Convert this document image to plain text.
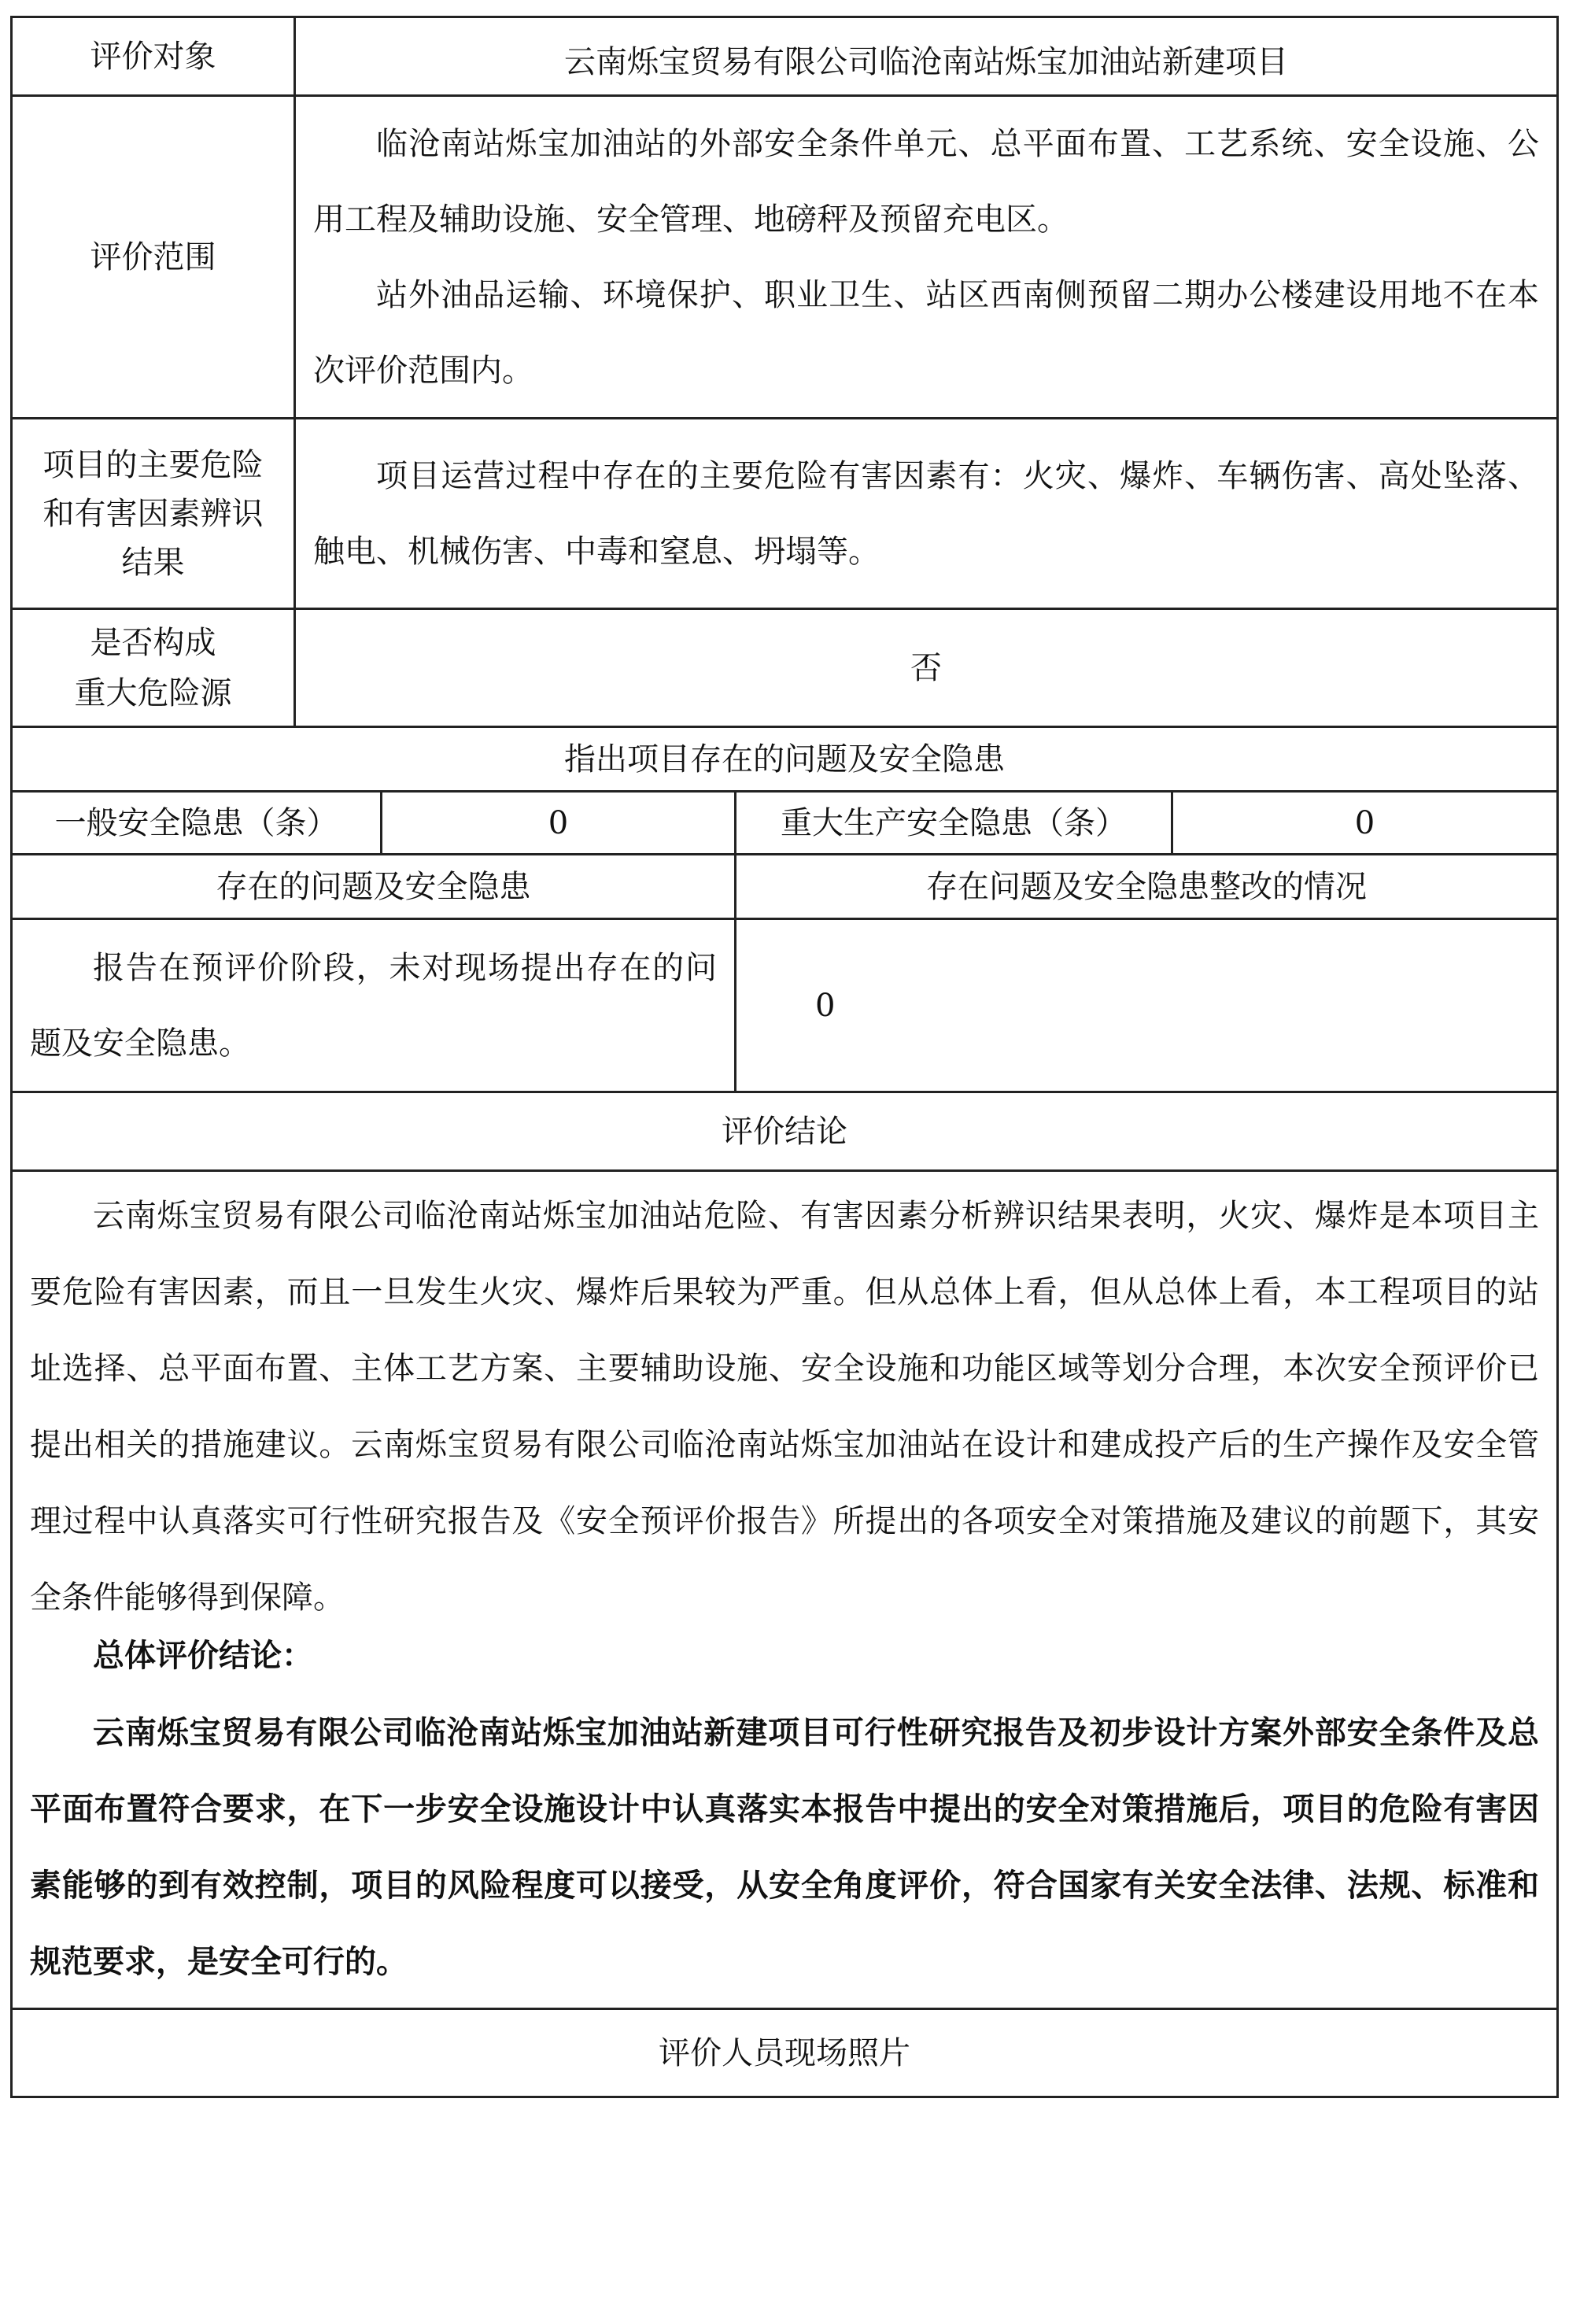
评价对象	云南烁宝贸易有限公司临沧南站烁宝加油站新建项目			
评价范围	临沧南站烁宝加油站的外部安全条件单元、总平面布置、工艺系统、安全设施、公用工程及辅助设施、安全管理、地磅秤及预留充电区。

站外油品运输、环境保护、职业卫生、站区西南侧预留二期办公楼建设用地不在本次评价范围内。			

项目的主要危险
和有害因素辨识
结果	项目运营过程中存在的主要危险有害因素有：火灾、爆炸、车辆伤害、高处坠落、触电、机械伤害、中毒和窒息、坍塌等。			

是否构成
重大危险源	否			
指出项目存在的问题及安全隐患				
一般安全隐患（条）		0	重大生产安全隐患（条）	0
存在的问题及安全隐患			存在问题及安全隐患整改的情况	

报告在预评价阶段，未对现场提出存在的问题及安全隐患。			0	
评价结论				

云南烁宝贸易有限公司临沧南站烁宝加油站危险、有害因素分析辨识结果表明，火灾、爆炸是本项目主要危险有害因素，而且一旦发生火灾、爆炸后果较为严重。但从总体上看，但从总体上看，本工程项目的站址选择、总平面布置、主体工艺方案、主要辅助设施、安全设施和功能区域等划分合理，本次安全预评价已提出相关的措施建议。云南烁宝贸易有限公司临沧南站烁宝加油站在设计和建成投产后的生产操作及安全管理过程中认真落实可行性研究报告及《安全预评价报告》所提出的各项安全对策措施及建议的前题下，其安全条件能够得到保障。

总体评价结论：

云南烁宝贸易有限公司临沧南站烁宝加油站新建项目可行性研究报告及初步设计方案外部安全条件及总平面布置符合要求，在下一步安全设施设计中认真落实本报告中提出的安全对策措施后，项目的危险有害因素能够的到有效控制，项目的风险程度可以接受，从安全角度评价，符合国家有关安全法律、法规、标准和规范要求，是安全可行的。				

评价人员现场照片				
